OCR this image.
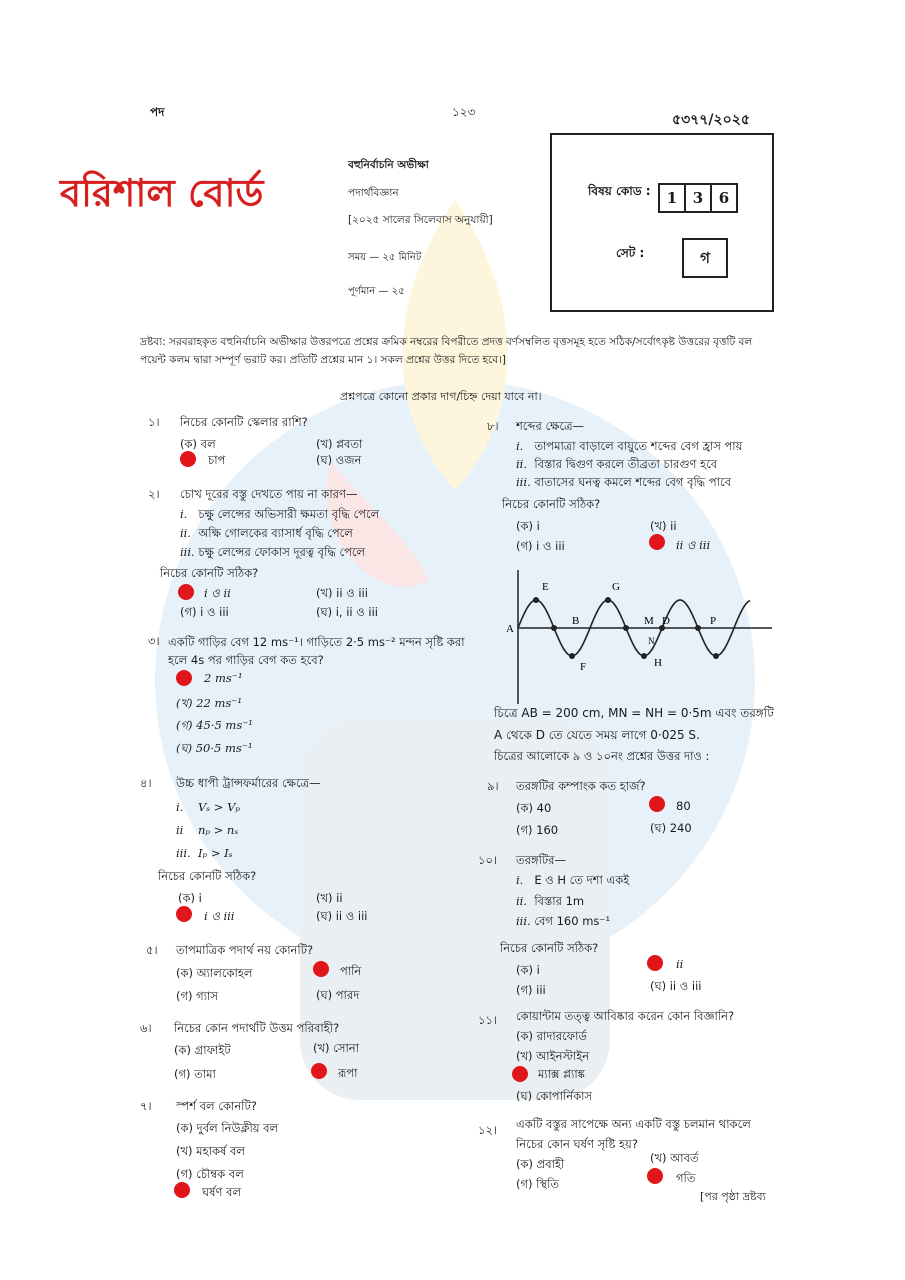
পদ	১২৩	৫৩৭৭/২০২৫
বরিশাল বোর্ড
বহুনির্বাচনি অভীক্ষা
পদার্থবিজ্ঞান
[২০২৫ সালের সিলেবাস অনুযায়ী]
সময় — ২৫ মিনিট
পূর্ণমান — ২৫
বিষয় কোড :	1 3 6
সেট :	গ
দ্রষ্টব্য: সরবরাহকৃত বহুনির্বাচনি অভীক্ষার উত্তরপত্রে প্রশ্নের ক্রমিক নম্বরের বিপরীতে প্রদত্ত বর্ণসম্বলিত বৃত্তসমূহ হতে সঠিক/সর্বোৎকৃষ্ট উত্তরের বৃত্তটি বল পয়েন্ট কলম দ্বারা সম্পূর্ণ ভরাট কর। প্রতিটি প্রশ্নের মান ১। সকল প্রশ্নের উত্তর দিতে হবে।]
প্রশ্নপত্রে কোনো প্রকার দাগ/চিহ্ন দেয়া যাবে না।
১। নিচের কোনটি স্কেলার রাশি?
(ক) বল	(খ) প্লবতা
চাপ	(ঘ) ওজন
২। চোখ দূরের বস্তু দেখতে পায় না কারণ—
i. চক্ষু লেন্সের অভিসারী ক্ষমতা বৃদ্ধি পেলে
ii. অক্ষি গোলকের ব্যাসার্ধ বৃদ্ধি পেলে
iii. চক্ষু লেন্সের ফোকাস দূরত্ব বৃদ্ধি পেলে
নিচের কোনটি সঠিক?
i ও ii	(খ) ii ও iii
(গ) i ও iii	(ঘ) i, ii ও iii
৩। একটি গাড়ির বেগ 12 ms⁻¹। গাড়িতে 2·5 ms⁻² মন্দন সৃষ্টি করা হলে 4s পর গাড়ির বেগ কত হবে?
2 ms⁻¹
(খ) 22 ms⁻¹
(গ) 45·5 ms⁻¹
(ঘ) 50·5 ms⁻¹
৪। উচ্চ ধাপী ট্রান্সফর্মারের ক্ষেত্রে—
i. Vₛ > Vₚ
ii nₚ > nₛ
iii. Iₚ > Iₛ
নিচের কোনটি সঠিক?
(ক) i	(খ) ii
i ও iii	(ঘ) ii ও iii
৫। তাপমাত্রিক পদার্থ নয় কোনটি?
(ক) অ্যালকোহল	পানি
(গ) গ্যাস	(ঘ) পারদ
৬। নিচের কোন পদার্থটি উত্তম পরিবাহী?
(ক) গ্রাফাইট	(খ) সোনা
(গ) তামা	রূপা
৭। স্পর্শ বল কোনটি?
(ক) দুর্বল নিউক্লীয় বল
(খ) মহাকর্ষ বল
(গ) চৌম্বক বল
ঘর্ষণ বল
৮। শব্দের ক্ষেত্রে—
i. তাপমাত্রা বাড়ালে বায়ুতে শব্দের বেগ হ্রাস পায়
ii. বিস্তার দ্বিগুণ করলে তীব্রতা চারগুণ হবে
iii. বাতাসের ঘনত্ব কমলে শব্দের বেগ বৃদ্ধি পাবে
নিচের কোনটি সঠিক?
(ক) i	(খ) ii
(গ) i ও iii	ii ও iii
A
B
E
F
G
M
N
D
H
P
চিত্রে AB = 200 cm, MN = NH = 0·5m এবং তরঙ্গটি
A থেকে D তে যেতে সময় লাগে 0·025 S.
চিত্রের আলোকে ৯ ও ১০নং প্রশ্নের উত্তর দাও :
৯। তরঙ্গটির কম্পাংক কত হার্জ?
(ক) 40	80
(গ) 160	(ঘ) 240
১০। তরঙ্গটির—
i. E ও H তে দশা একই
ii. বিস্তার 1m
iii. বেগ 160 ms⁻¹
নিচের কোনটি সঠিক?
(ক) i	ii
(গ) iii	(ঘ) ii ও iii
১১। কোয়ান্টাম তত্ত্ব আবিষ্কার করেন কোন বিজ্ঞানি?
(ক) রাদারফোর্ড
(খ) আইনস্টাইন
ম্যাক্স প্ল্যাঙ্ক
(ঘ) কোপার্নিকাস
১২। একটি বস্তুর সাপেক্ষে অন্য একটি বস্তু চলমান থাকলে নিচের কোন ঘর্ষণ সৃষ্টি হয়?
(ক) প্রবাহী	(খ) আবর্ত
(গ) স্থিতি	গতি
[পর পৃষ্ঠা দ্রষ্টব্য
